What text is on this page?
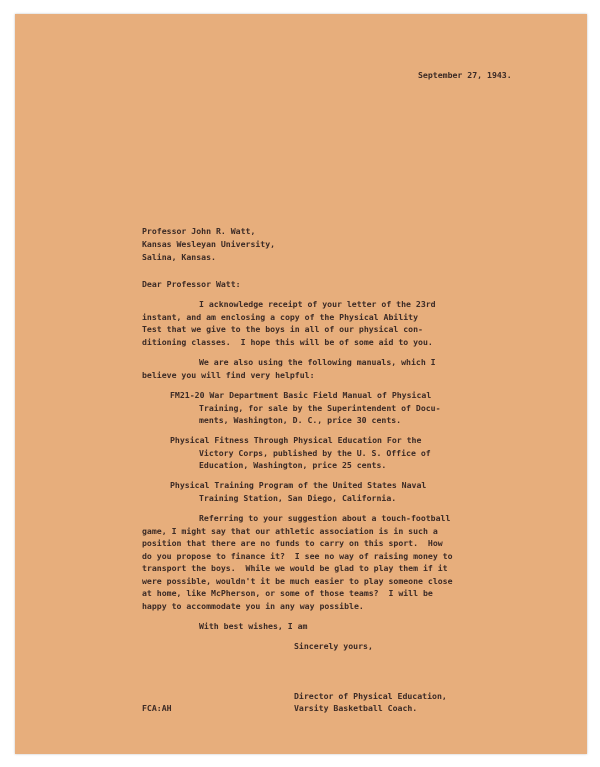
September 27, 1943.
Professor John R. Watt,
Kansas Wesleyan University,
Salina, Kansas.
Dear Professor Watt:
I acknowledge receipt of your letter of the 23rd
instant, and am enclosing a copy of the Physical Ability
Test that we give to the boys in all of our physical con-
ditioning classes.  I hope this will be of some aid to you.
We are also using the following manuals, which I
believe you will find very helpful:
FM21-20 War Department Basic Field Manual of Physical
Training, for sale by the Superintendent of Docu-
ments, Washington, D. C., price 30 cents.
Physical Fitness Through Physical Education For the
Victory Corps, published by the U. S. Office of
Education, Washington, price 25 cents.
Physical Training Program of the United States Naval
Training Station, San Diego, California.
Referring to your suggestion about a touch-football
game, I might say that our athletic association is in such a
position that there are no funds to carry on this sport.  How
do you propose to finance it?  I see no way of raising money to
transport the boys.  While we would be glad to play them if it
were possible, wouldn't it be much easier to play someone close
at home, like McPherson, or some of those teams?  I will be
happy to accommodate you in any way possible.
With best wishes, I am
Sincerely yours,
Director of Physical Education,
Varsity Basketball Coach.
FCA:AH
